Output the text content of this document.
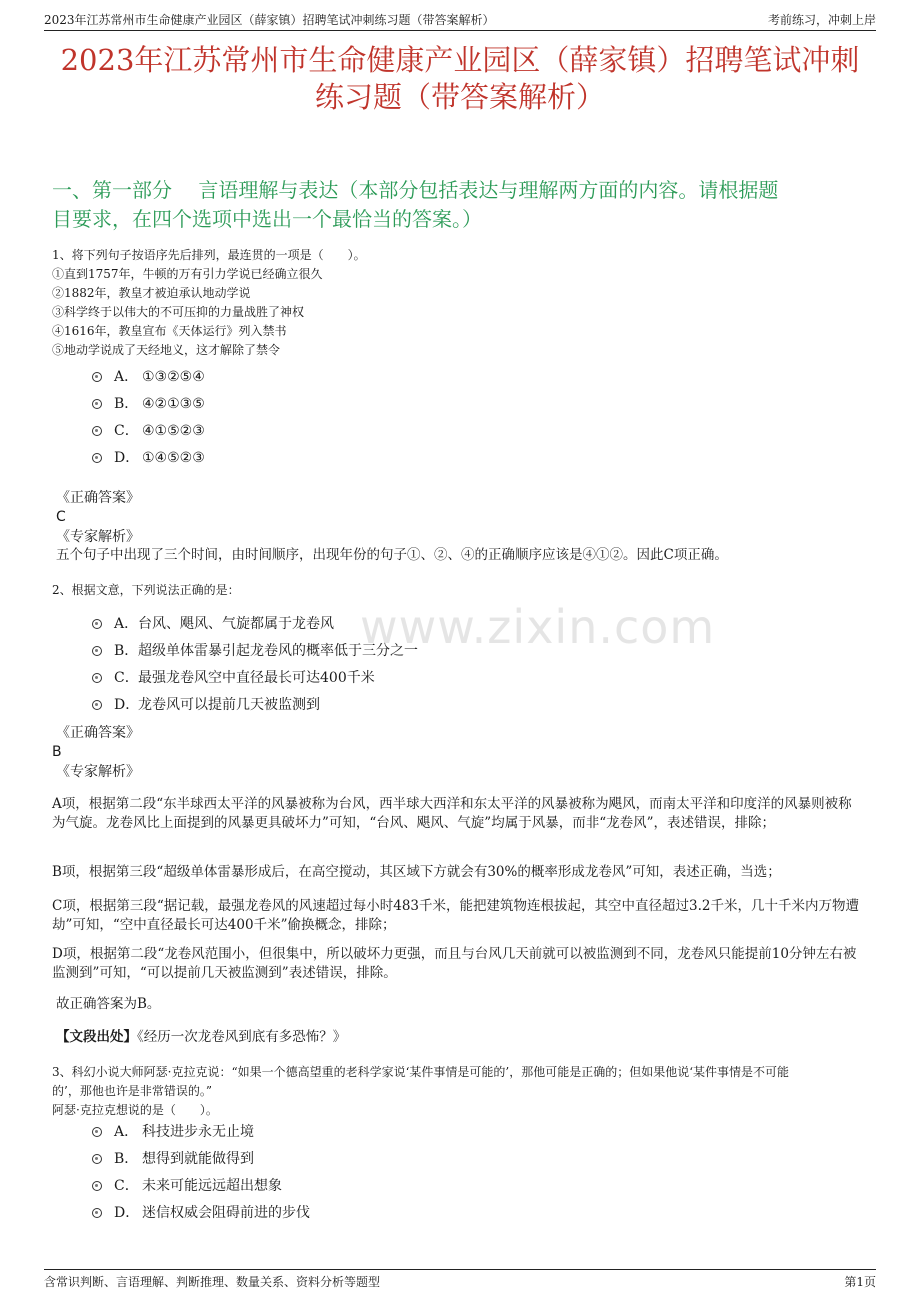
2023年江苏常州市生命健康产业园区（薛家镇）招聘笔试冲刺练习题（带答案解析）	考前练习，冲刺上岸
2023年江苏常州市生命健康产业园区（薛家镇）招聘笔试冲刺
练习题（带答案解析）
一、第一部分　 言语理解与表达（本部分包括表达与理解两方面的内容。请根据题
目要求，在四个选项中选出一个最恰当的答案。）
www.zixin.com
1、将下列句子按语序先后排列，最连贯的一项是（　　）。
①直到1757年，牛顿的万有引力学说已经确立很久
②1882年，教皇才被迫承认地动学说
③科学终于以伟大的不可压抑的力量战胜了神权
④1616年，教皇宣布《天体运行》列入禁书
⑤地动学说成了天经地义，这才解除了禁令
A． ①③②⑤④
B． ④②①③⑤
C． ④①⑤②③
D． ①④⑤②③
《正确答案》
C
《专家解析》
五个句子中出现了三个时间，由时间顺序，出现年份的句子①、②、④的正确顺序应该是④①②。因此C项正确。
2、根据文意，下列说法正确的是：
A． 台风、飓风、气旋都属于龙卷风
B． 超级单体雷暴引起龙卷风的概率低于三分之一
C． 最强龙卷风空中直径最长可达400千米
D．
龙卷风可以提前几天被监测到
《正确答案》
B
《专家解析》
A项，根据第二段“东半球西太平洋的风暴被称为台风，西半球大西洋和东太平洋的风暴被称为飓风，而南太平洋和印度洋的风暴则被称为气旋。龙卷风比上面提到的风暴更具破坏力”可知，“台风、飓风、气旋”均属于风暴，而非“龙卷风”，表述错误，排除；
B项，根据第三段“超级单体雷暴形成后，在高空搅动，其区域下方就会有30%的概率形成龙卷风”可知，表述正确，当选；
C项，根据第三段“据记载，最强龙卷风的风速超过每小时483千米，能把建筑物连根拔起，其空中直径超过3.2千米，几十千米内万物遭劫”可知，“空中直径最长可达400千米”偷换概念，排除；
D项，根据第二段“龙卷风范围小，但很集中，所以破坏力更强，而且与台风几天前就可以被监测到不同，龙卷风只能提前10分钟左右被监测到”可知，“可以提前几天被监测到”表述错误，排除。
故正确答案为B。
【文段出处】《经历一次龙卷风到底有多恐怖？》
3、科幻小说大师阿瑟·克拉克说：“如果一个德高望重的老科学家说‘某件事情是可能的’，那他可能是正确的；但如果他说‘某件事情是不可能
的’，那他也许是非常错误的。”
阿瑟·克拉克想说的是（　　）。
A． 科技进步永无止境
B． 想得到就能做得到
C． 未来可能远远超出想象
D． 迷信权威会阻碍前进的步伐
含常识判断、言语理解、判断推理、数量关系、资料分析等题型	第1页
